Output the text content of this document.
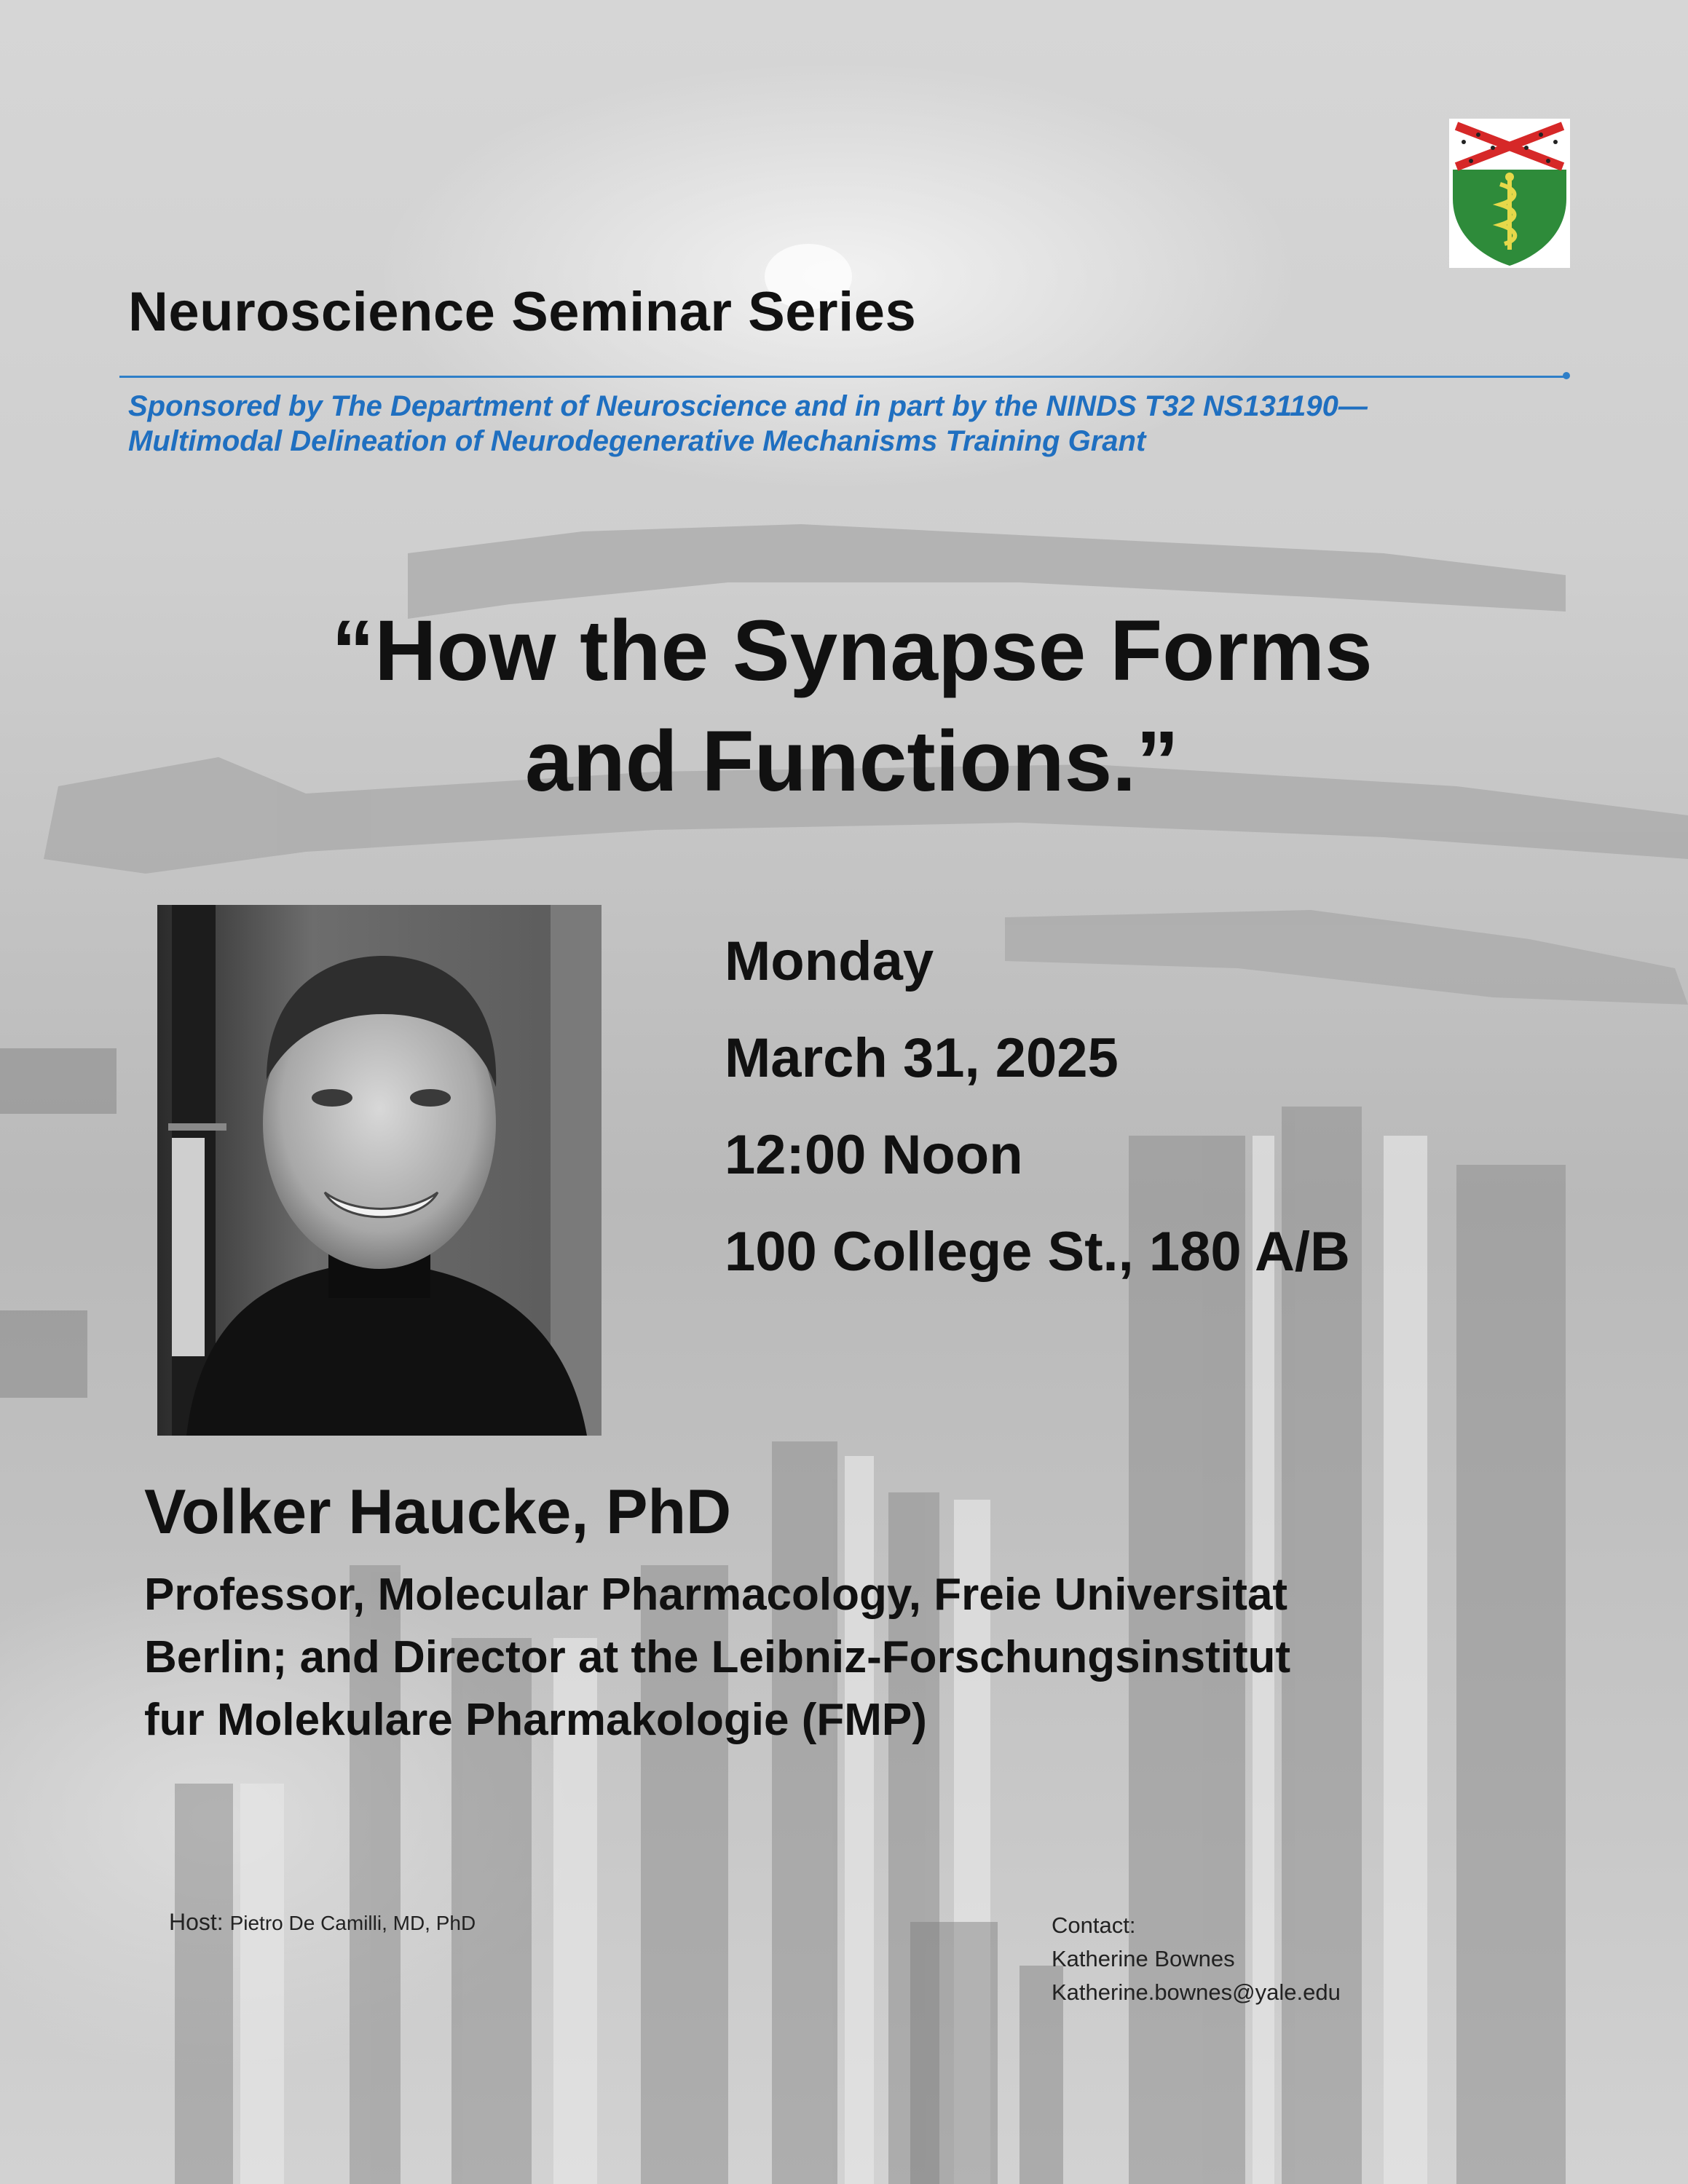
Neuroscience Seminar Series
Sponsored by The Department of Neuroscience and in part by the NINDS T32 NS131190—
Multimodal Delineation of Neurodegenerative Mechanisms Training Grant
“How the Synapse Forms
and Functions.”
Monday
March 31, 2025
12:00 Noon
100 College St., 180 A/B
Volker Haucke, PhD
Professor, Molecular Pharmacology, Freie Universitat
Berlin; and Director at the Leibniz-Forschungsinstitut
fur Molekulare Pharmakologie (FMP)
Host: Pietro De Camilli, MD, PhD	Contact:
Katherine Bownes
Katherine.bownes@yale.edu
